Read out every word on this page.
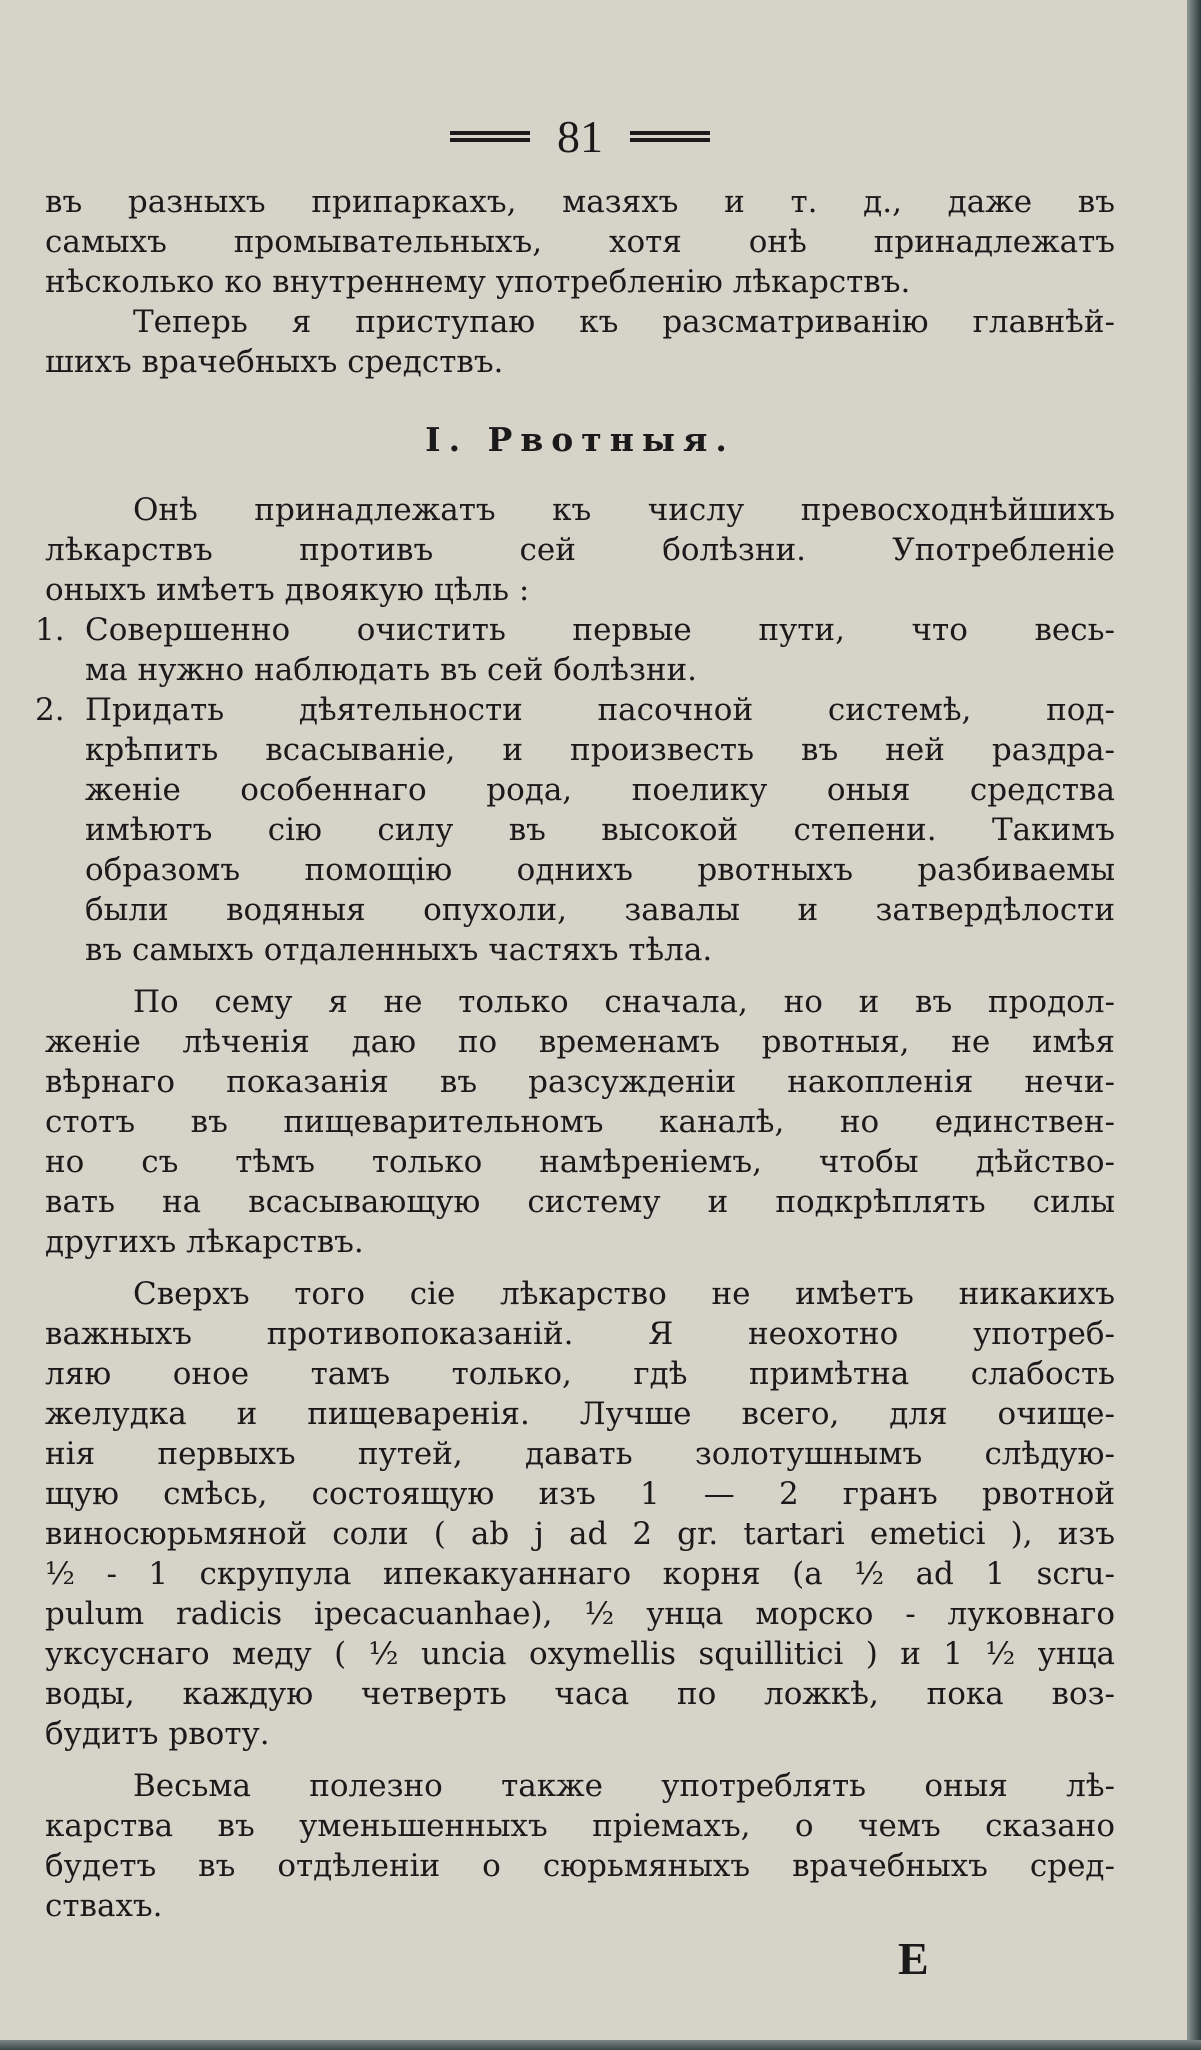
81
въ разныхъ припаркахъ, мазяхъ и т. д., даже въ
самыхъ промывательныхъ, хотя онѣ принадлежатъ
нѣсколько ко внутреннему употребленію лѣкарствъ.
Теперь я приступаю къ разсматриванію главнѣй-
шихъ врачебныхъ средствъ.
I. Рвотныя.
Онѣ принадлежатъ къ числу превосходнѣйшихъ
лѣкарствъ противъ сей болѣзни. Употребленіе
оныхъ имѣетъ двоякую цѣль :
1. Совершенно очистить первые пути, что весь-
ма нужно наблюдать въ сей болѣзни.
2. Придать дѣятельности пасочной системѣ, под-
крѣпить всасываніе, и произвесть въ ней раздра-
женіе особеннаго рода, поелику оныя средства
имѣютъ сію силу въ высокой степени. Такимъ
образомъ помощію однихъ рвотныхъ разбиваемы
были водяныя опухоли, завалы и затвердѣлости
въ самыхъ отдаленныхъ частяхъ тѣла.
По сему я не только сначала, но и въ продол-
женіе лѣченія даю по временамъ рвотныя, не имѣя
вѣрнаго показанія въ разсужденіи накопленія нечи-
стотъ въ пищеварительномъ каналѣ, но единствен-
но съ тѣмъ только намѣреніемъ, чтобы дѣйство-
вать на всасывающую систему и подкрѣплять силы
другихъ лѣкарствъ.
Сверхъ того сіе лѣкарство не имѣетъ никакихъ
важныхъ противопоказаній. Я неохотно употреб-
ляю оное тамъ только, гдѣ примѣтна слабость
желудка и пищеваренія. Лучше всего, для очище-
нія первыхъ путей, давать золотушнымъ слѣдую-
щую смѣсь, состоящую изъ 1 — 2 гранъ рвотной
виносюрьмяной соли ( ab j ad 2 gr. tartari emetici ), изъ
½ - 1 скрупула ипекакуаннаго корня (а ½ ad 1 scru-
pulum radicis ipecacuanhae), ½ унца морско - луковнаго
уксуснаго меду ( ½ uncia oxymellis squillitici ) и 1 ½ унца
воды, каждую четверть часа по ложкѣ, пока воз-
будитъ рвоту.
Весьма полезно также употреблять оныя лѣ-
карства въ уменьшенныхъ пріемахъ, о чемъ сказано
будетъ въ отдѣленіи о сюрьмяныхъ врачебныхъ сред-
ствахъ.
E
